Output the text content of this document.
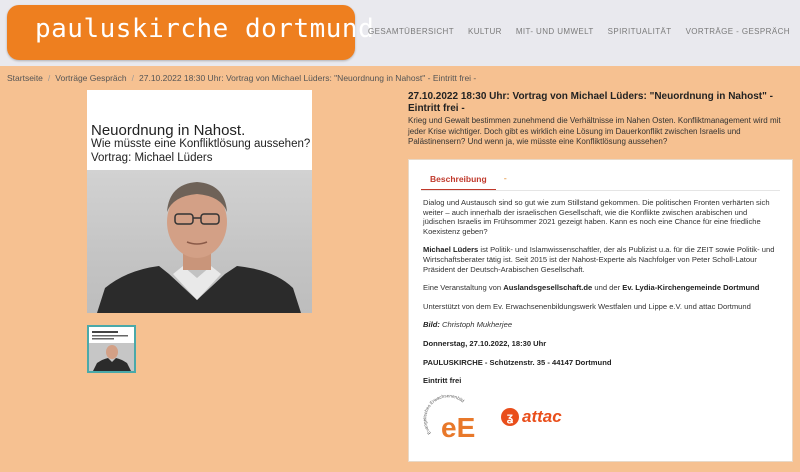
pauluskirche dortmund
GESAMTÜBERSICHT KULTUR MIT- UND UMWELT SPIRITUALITÄT VORTRÄGE - GESPRÄCH
Startseite / Vorträge Gespräch / 27.10.2022 18:30 Uhr: Vortrag von Michael Lüders: "Neuordnung in Nahost" - Eintritt frei -
Neuordnung in Nahost.
Wie müsste eine Konfliktlösung aussehen?
Vortrag: Michael Lüders
27.10.2022 18:30 Uhr: Vortrag von Michael Lüders: "Neuordnung in Nahost" - Eintritt frei -
Krieg und Gewalt bestimmen zunehmend die Verhältnisse im Nahen Osten. Konfliktmanagement wird mit jeder Krise wichtiger. Doch gibt es wirklich eine Lösung im Dauerkonflikt zwischen Israelis und Palästinensern? Und wenn ja, wie müsste eine Konfliktlösung aussehen?
Beschreibung	-

Dialog und Austausch sind so gut wie zum Stillstand gekommen. Die politischen Fronten verhärten sich weiter – auch innerhalb der israelischen Gesellschaft, wie die Konflikte zwischen arabischen und jüdischen Israelis im Frühsommer 2021 gezeigt haben. Kann es noch eine Chance für eine friedliche Koexistenz geben?

Michael Lüders ist Politik- und Islamwissenschaftler, der als Publizist u.a. für die ZEIT sowie Politik- und Wirtschaftsberater tätig ist. Seit 2015 ist der Nahost-Experte als Nachfolger von Peter Scholl-Latour Präsident der Deutsch-Arabischen Gesellschaft.

Eine Veranstaltung von Auslandsgesellschaft.de und der Ev. Lydia-Kirchengemeinde Dortmund

Unterstützt von dem Ev. Erwachsenenbildungswerk Westfalen und Lippe e.V. und attac Dortmund

Bild: Christoph Mukherjee

Donnerstag, 27.10.2022, 18:30 Uhr

PAULUSKIRCHE - Schützenstr. 35 - 44147 Dortmund

Eintritt frei

Evan ches Erwachsenenbild
eE	ʓ attac
